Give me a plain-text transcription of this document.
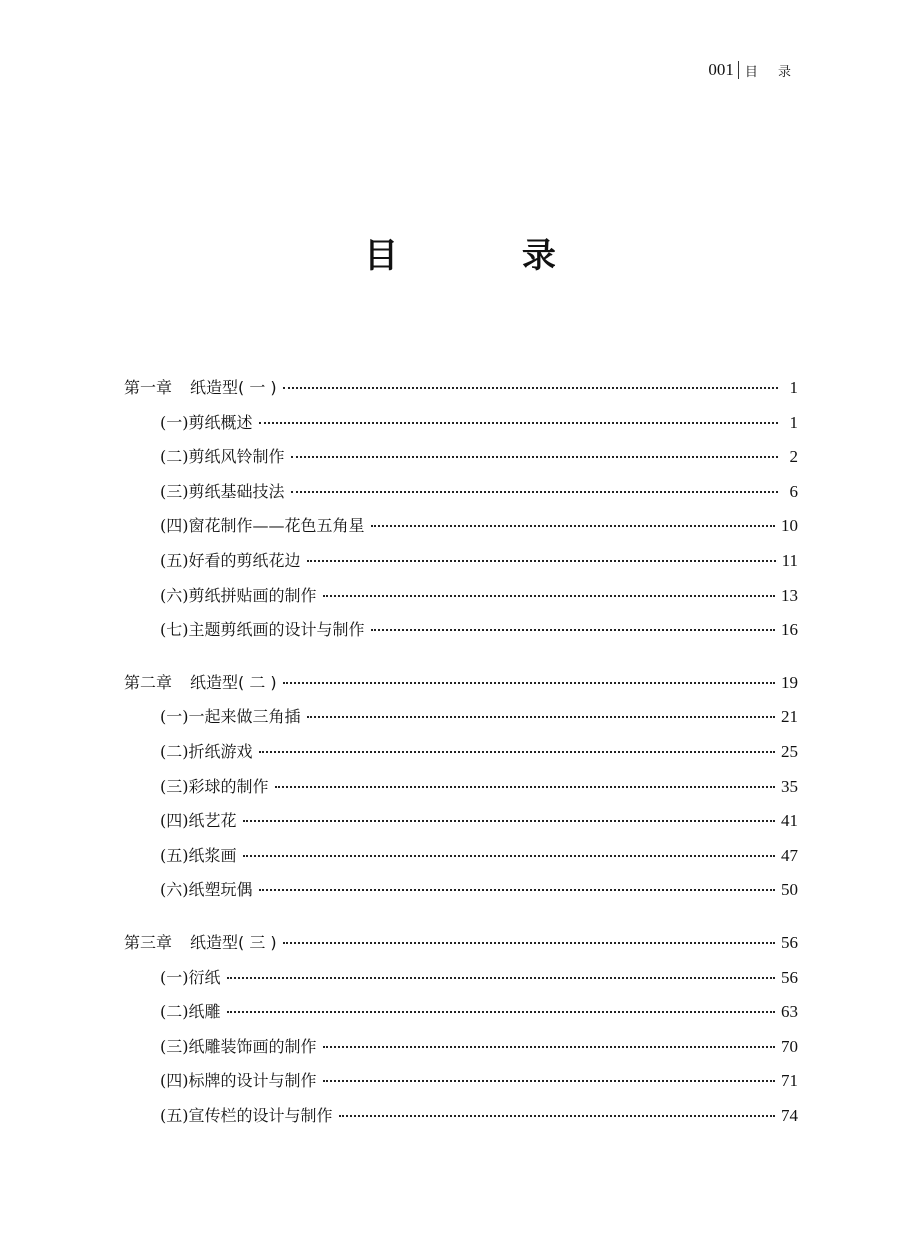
001 目 录
目 录
第一章 纸造型( 一 )	1
(一)剪纸概述	1
(二)剪纸风铃制作	2
(三)剪纸基础技法	6
(四)窗花制作——花色五角星	10
(五)好看的剪纸花边	11
(六)剪纸拼贴画的制作	13
(七)主题剪纸画的设计与制作	16
第二章 纸造型( 二 )	19
(一)一起来做三角插	21
(二)折纸游戏	25
(三)彩球的制作	35
(四)纸艺花	41
(五)纸浆画	47
(六)纸塑玩偶	50
第三章 纸造型( 三 )	56
(一)衍纸	56
(二)纸雕	63
(三)纸雕装饰画的制作	70
(四)标牌的设计与制作	71
(五)宣传栏的设计与制作	74
